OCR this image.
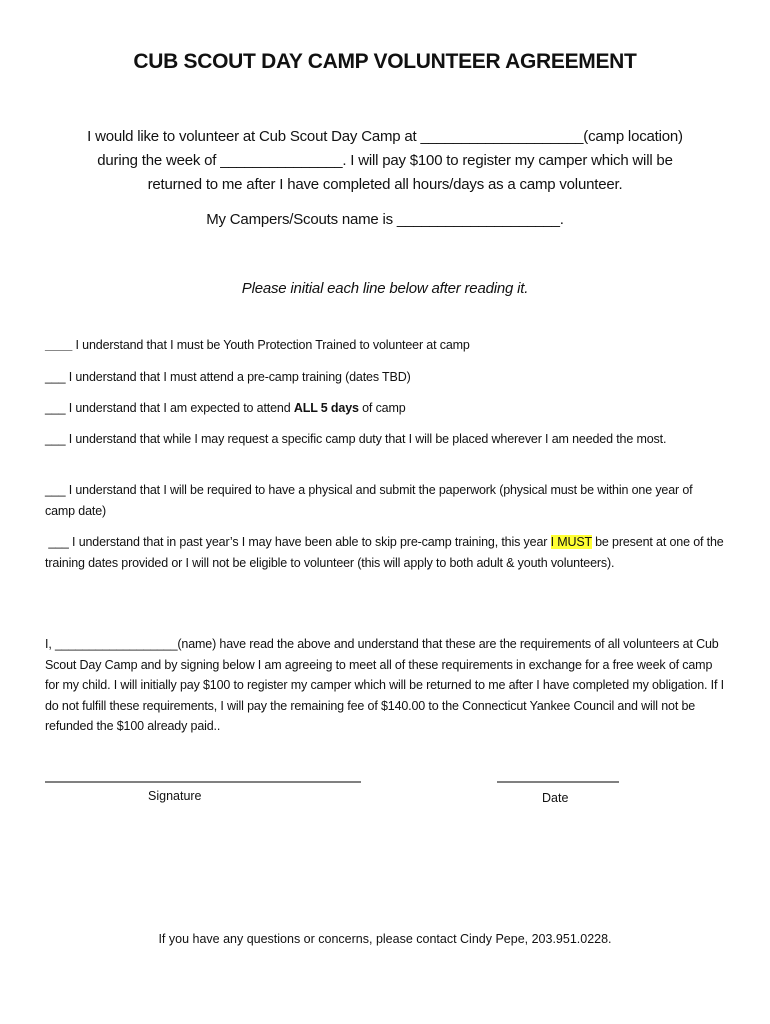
CUB SCOUT DAY CAMP VOLUNTEER AGREEMENT
I would like to volunteer at Cub Scout Day Camp at ____________________(camp location)
during the week of _______________. I will pay $100 to register my camper which will be
returned to me after I have completed all hours/days as a camp volunteer.
My Campers/Scouts name is ____________________.
Please initial each line below after reading it.
____ I understand that I must be Youth Protection Trained to volunteer at camp
___ I understand that I must attend a pre-camp training (dates TBD)
___ I understand that I am expected to attend ALL 5 days of camp
___ I understand that while I may request a specific camp duty that I will be placed wherever I am needed the most.
___ I understand that I will be required to have a physical and submit the paperwork (physical must be within one year of camp date)
___ I understand that in past year’s I may have been able to skip pre-camp training, this year I MUST be present at one of the training dates provided or I will not be eligible to volunteer (this will apply to both adult & youth volunteers).
I, __________________(name) have read the above and understand that these are the requirements of all volunteers at Cub Scout Day Camp and by signing below I am agreeing to meet all of these requirements in exchange for a free week of camp for my child. I will initially pay $100 to register my camper which will be returned to me after I have completed my obligation. If I do not fulfill these requirements, I will pay the remaining fee of $140.00 to the Connecticut Yankee Council and will not be refunded the $100 already paid..
Signature	Date
If you have any questions or concerns, please contact Cindy Pepe, 203.951.0228.
